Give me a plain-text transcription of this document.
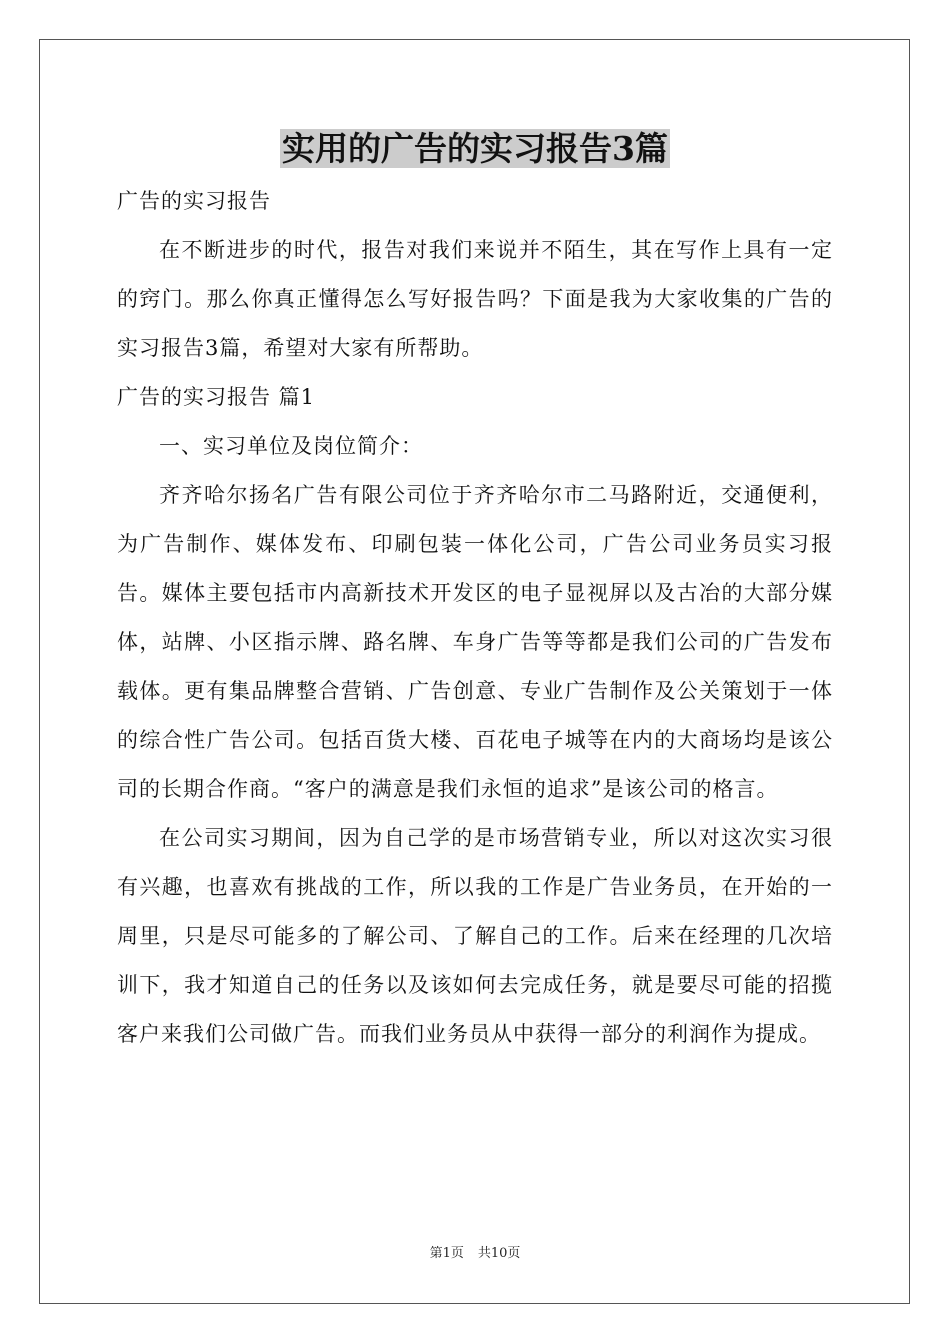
实用的广告的实习报告3篇

广告的实习报告

在不断进步的时代，报告对我们来说并不陌生，其在写作上具有一定的窍门。那么你真正懂得怎么写好报告吗？下面是我为大家收集的广告的实习报告3篇，希望对大家有所帮助。

广告的实习报告 篇1

一、实习单位及岗位简介：

齐齐哈尔扬名广告有限公司位于齐齐哈尔市二马路附近，交通便利，为广告制作、媒体发布、印刷包装一体化公司，广告公司业务员实习报告。媒体主要包括市内高新技术开发区的电子显视屏以及古冶的大部分媒体，站牌、小区指示牌、路名牌、车身广告等等都是我们公司的广告发布载体。更有集品牌整合营销、广告创意、专业广告制作及公关策划于一体的综合性广告公司。包括百货大楼、百花电子城等在内的大商场均是该公司的长期合作商。“客户的满意是我们永恒的追求”是该公司的格言。

在公司实习期间，因为自己学的是市场营销专业，所以对这次实习很有兴趣，也喜欢有挑战的工作，所以我的工作是广告业务员，在开始的一周里，只是尽可能多的了解公司、了解自己的工作。后来在经理的几次培训下，我才知道自己的任务以及该如何去完成任务，就是要尽可能的招揽客户来我们公司做广告。而我们业务员从中获得一部分的利润作为提成。

第1页 共10页
